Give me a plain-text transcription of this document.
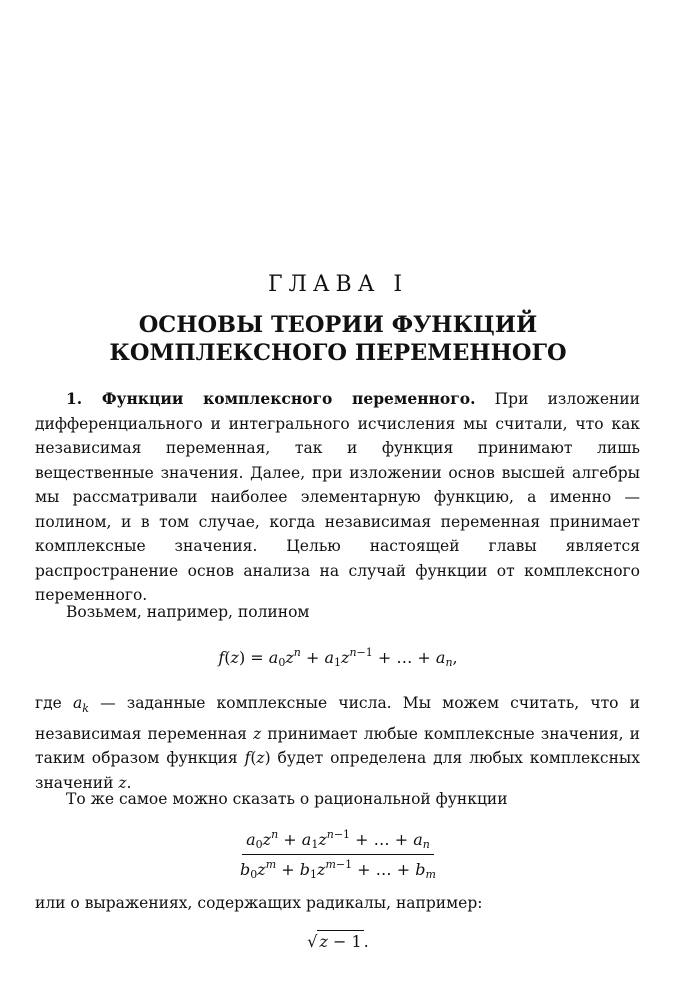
ГЛАВА I
ОСНОВЫ ТЕОРИИ ФУНКЦИЙ
КОМПЛЕКСНОГО ПЕРЕМЕННОГО

1. Функции комплексного переменного. При изложении дифференциального и интегрального исчисления мы считали, что как независимая переменная, так и функция принимают лишь вещественные значения. Далее, при изложении основ высшей алгебры мы рассматривали наиболее элементарную функцию, а именно — полином, и в том случае, когда независимая переменная принимает комплексные значения. Целью настоящей главы является распространение основ анализа на случай функции от комплексного переменного.

Возьмем, например, полином

$f(z) = a_0z^n + a_1z^{n-1}$ + … + $a_n$,

где $a_k$ — заданные комплексные числа. Мы можем считать, что и независимая переменная z принимает любые комплексные значения, и таким образом функция f(z) будет определена для любых комплексных значений z.

То же самое можно сказать о рациональной функции

$\frac{a_0z^n + a_1z^{n-1} + \dots + a_n}{b_0z^m + b_1z^{m-1} + \dots + b_m}$

или о выражениях, содержащих радикалы, например:

√ z − 1 .
